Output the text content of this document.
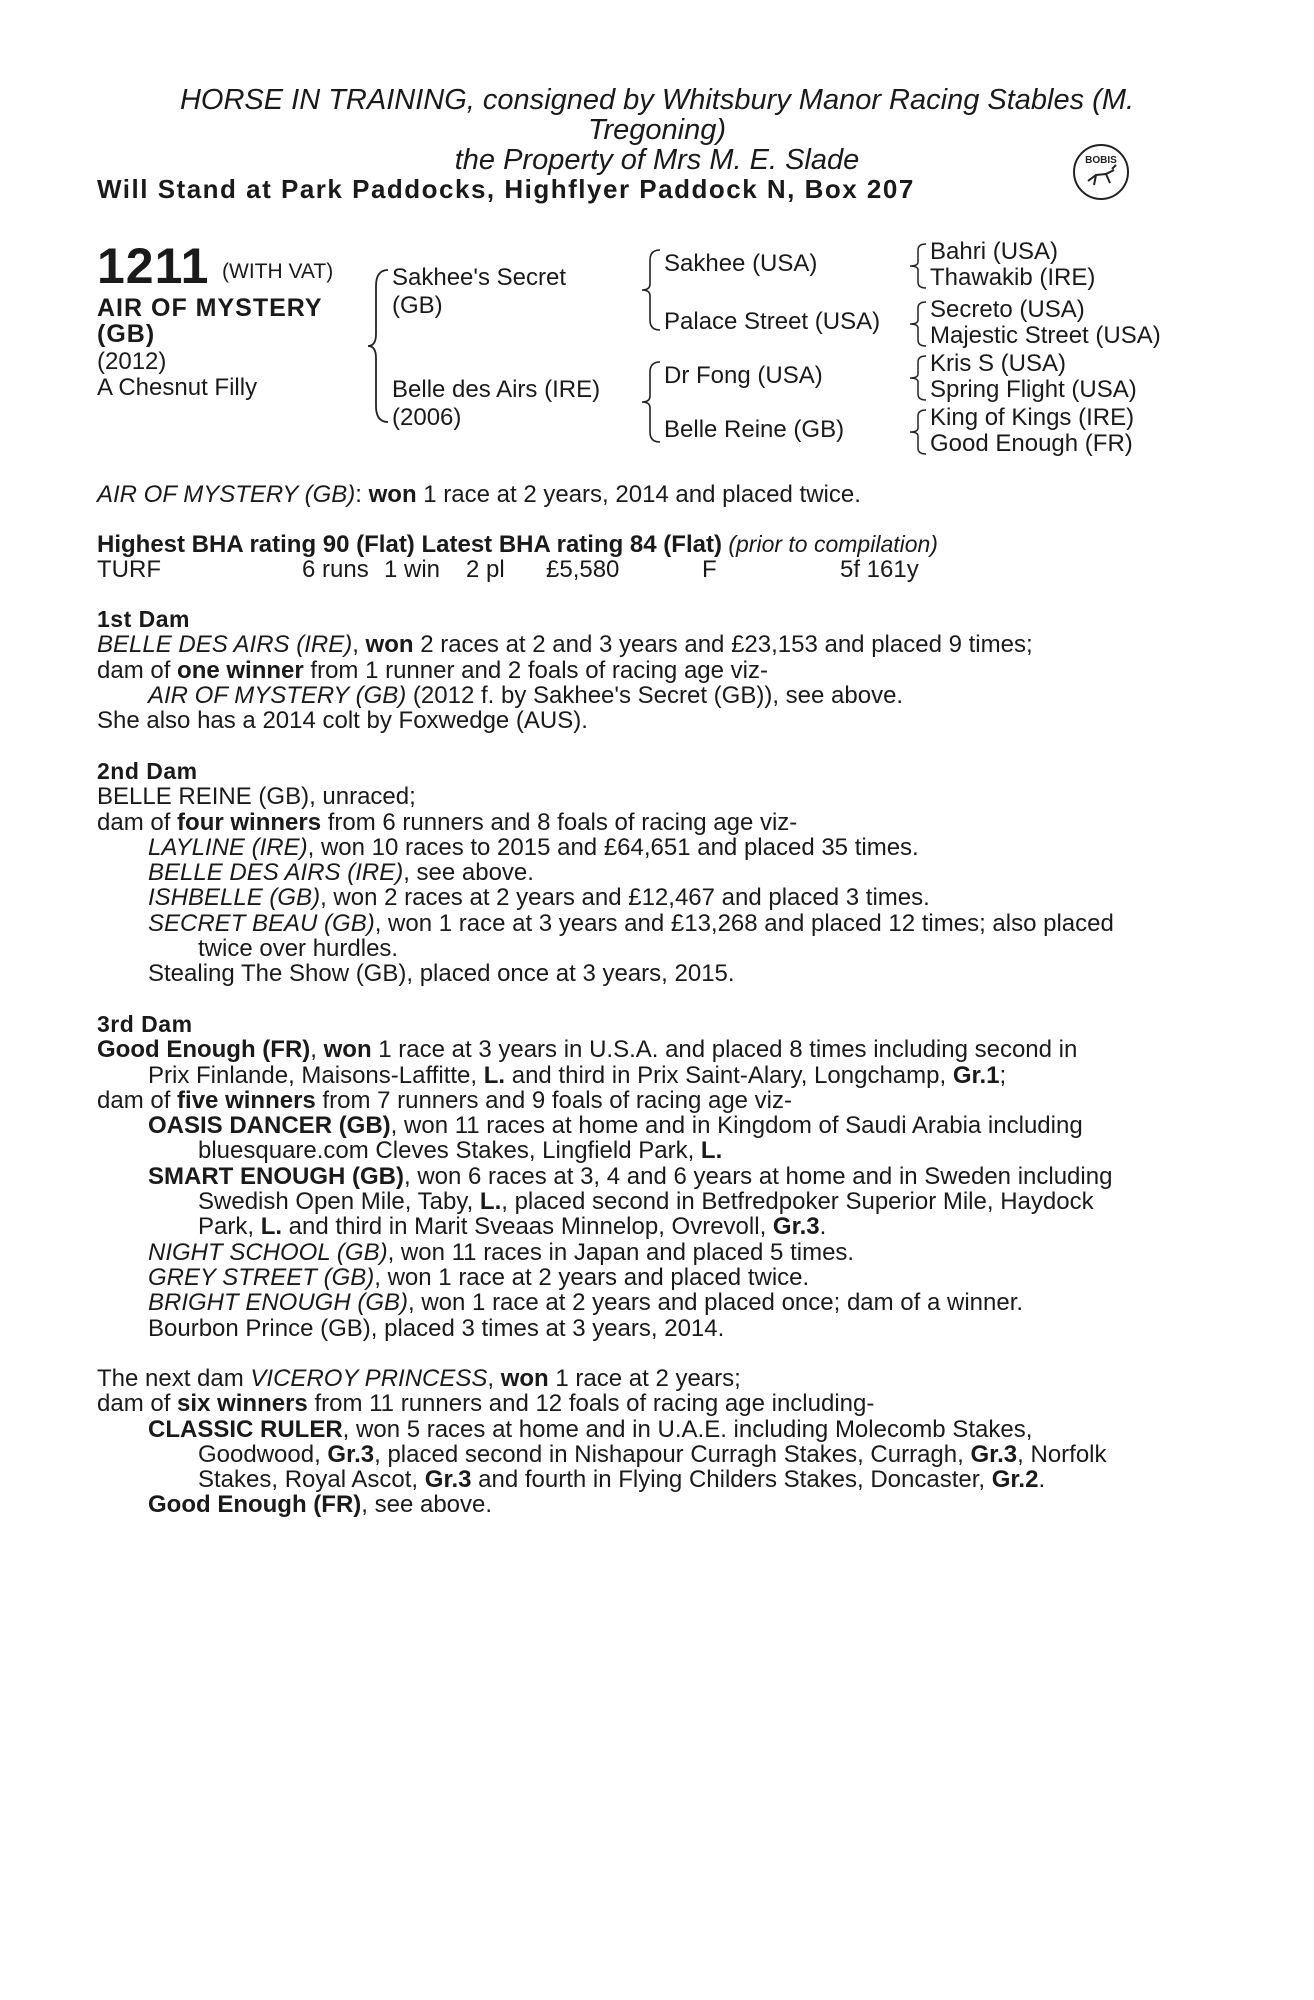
HORSE IN TRAINING, consigned by Whitsbury Manor Racing Stables (M.
Tregoning)
the Property of Mrs M. E. Slade
Will Stand at Park Paddocks, Highflyer Paddock N, Box 207
BOBIS
1211 (WITH VAT)
AIR OF MYSTERY
(GB)
(2012)
A Chesnut Filly
Sakhee's Secret
(GB)
Belle des Airs (IRE)
(2006)
Sakhee (USA)
Palace Street (USA)
Dr Fong (USA)
Belle Reine (GB)
Bahri (USA)
Thawakib (IRE)
Secreto (USA)
Majestic Street (USA)
Kris S (USA)
Spring Flight (USA)
King of Kings (IRE)
Good Enough (FR)
AIR OF MYSTERY (GB): won 1 race at 2 years, 2014 and placed twice.
Highest BHA rating 90 (Flat) Latest BHA rating 84 (Flat) (prior to compilation)
TURF	6 runs 1 win 2 pl £5,580	F	5f 161y
1st Dam
BELLE DES AIRS (IRE), won 2 races at 2 and 3 years and £23,153 and placed 9 times;
dam of one winner from 1 runner and 2 foals of racing age viz-
AIR OF MYSTERY (GB) (2012 f. by Sakhee's Secret (GB)), see above.
She also has a 2014 colt by Foxwedge (AUS).
2nd Dam
BELLE REINE (GB), unraced;
dam of four winners from 6 runners and 8 foals of racing age viz-
LAYLINE (IRE), won 10 races to 2015 and £64,651 and placed 35 times.
BELLE DES AIRS (IRE), see above.
ISHBELLE (GB), won 2 races at 2 years and £12,467 and placed 3 times.
SECRET BEAU (GB), won 1 race at 3 years and £13,268 and placed 12 times; also placed
twice over hurdles.
Stealing The Show (GB), placed once at 3 years, 2015.
3rd Dam
Good Enough (FR), won 1 race at 3 years in U.S.A. and placed 8 times including second in
Prix Finlande, Maisons-Laffitte, L. and third in Prix Saint-Alary, Longchamp, Gr.1;
dam of five winners from 7 runners and 9 foals of racing age viz-
OASIS DANCER (GB), won 11 races at home and in Kingdom of Saudi Arabia including
bluesquare.com Cleves Stakes, Lingfield Park, L.
SMART ENOUGH (GB), won 6 races at 3, 4 and 6 years at home and in Sweden including
Swedish Open Mile, Taby, L., placed second in Betfredpoker Superior Mile, Haydock
Park, L. and third in Marit Sveaas Minnelop, Ovrevoll, Gr.3.
NIGHT SCHOOL (GB), won 11 races in Japan and placed 5 times.
GREY STREET (GB), won 1 race at 2 years and placed twice.
BRIGHT ENOUGH (GB), won 1 race at 2 years and placed once; dam of a winner.
Bourbon Prince (GB), placed 3 times at 3 years, 2014.
The next dam VICEROY PRINCESS, won 1 race at 2 years;
dam of six winners from 11 runners and 12 foals of racing age including-
CLASSIC RULER, won 5 races at home and in U.A.E. including Molecomb Stakes,
Goodwood, Gr.3, placed second in Nishapour Curragh Stakes, Curragh, Gr.3, Norfolk
Stakes, Royal Ascot, Gr.3 and fourth in Flying Childers Stakes, Doncaster, Gr.2.
Good Enough (FR), see above.
